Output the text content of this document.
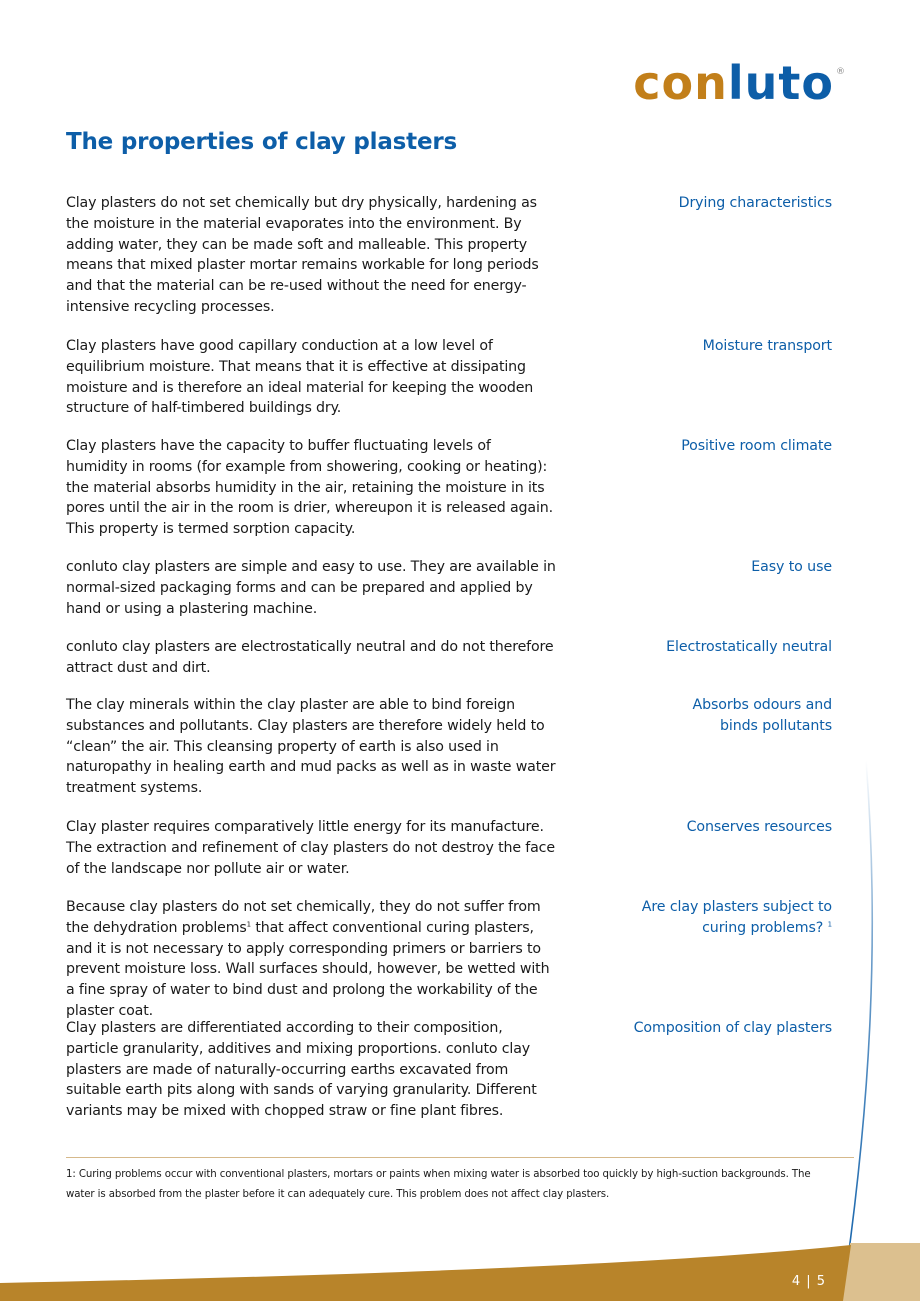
conluto ®
The properties of clay plasters

Clay plasters do not set chemically but dry physically, hardening as the moisture in the material evaporates into the environment. By adding water, they can be made soft and malleable. This property means that mixed plaster mortar remains workable for long periods and that the material can be re-used without the need for energy-intensive recycling processes.

Drying characteristics

Clay plasters have good capillary conduction at a low level of equilibrium moisture. That means that it is effective at dissipating moisture and is therefore an ideal material for keeping the wooden structure of half-timbered buildings dry.

Moisture transport

Clay plasters have the capacity to buffer fluctuating levels of humidity in rooms (for example from showering, cooking or heating): the material absorbs humidity in the air, retaining the moisture in its pores until the air in the room is drier, whereupon it is released again. This property is termed sorption capacity.

Positive room climate

conluto clay plasters are simple and easy to use. They are available in normal-sized packaging forms and can be prepared and applied by hand or using a plastering machine.

Easy to use

conluto clay plasters are electrostatically neutral and do not therefore attract dust and dirt.

Electrostatically neutral

The clay minerals within the clay plaster are able to bind foreign substances and pollutants. Clay plasters are therefore widely held to “clean” the air. This cleansing property of earth is also used in naturopathy in healing earth and mud packs as well as in waste water treatment systems.

Absorbs odours and
binds pollutants

Clay plaster requires comparatively little energy for its manufacture. The extraction and refinement of clay plasters do not destroy the face of the landscape nor pollute air or water.

Conserves resources

Because clay plasters do not set chemically, they do not suffer from the dehydration problems$^1$ that affect conventional curing plasters, and it is not necessary to apply corresponding primers or barriers to prevent moisture loss. Wall surfaces should, however, be wetted with a fine spray of water to bind dust and prolong the workability of the plaster coat.

Are clay plasters subject to
curing problems? $^1$

Clay plasters are differentiated according to their composition, particle granularity, additives and mixing proportions. conluto clay plasters are made of naturally-occurring earths excavated from suitable earth pits along with sands of varying granularity. Different variants may be mixed with chopped straw or fine plant fibres.

Composition of clay plasters
1: Curing problems occur with conventional plasters, mortars or paints when mixing water is absorbed too quickly by high-suction backgrounds. The water is absorbed from the plaster before it can adequately cure. This problem does not affect clay plasters.
4 | 5
